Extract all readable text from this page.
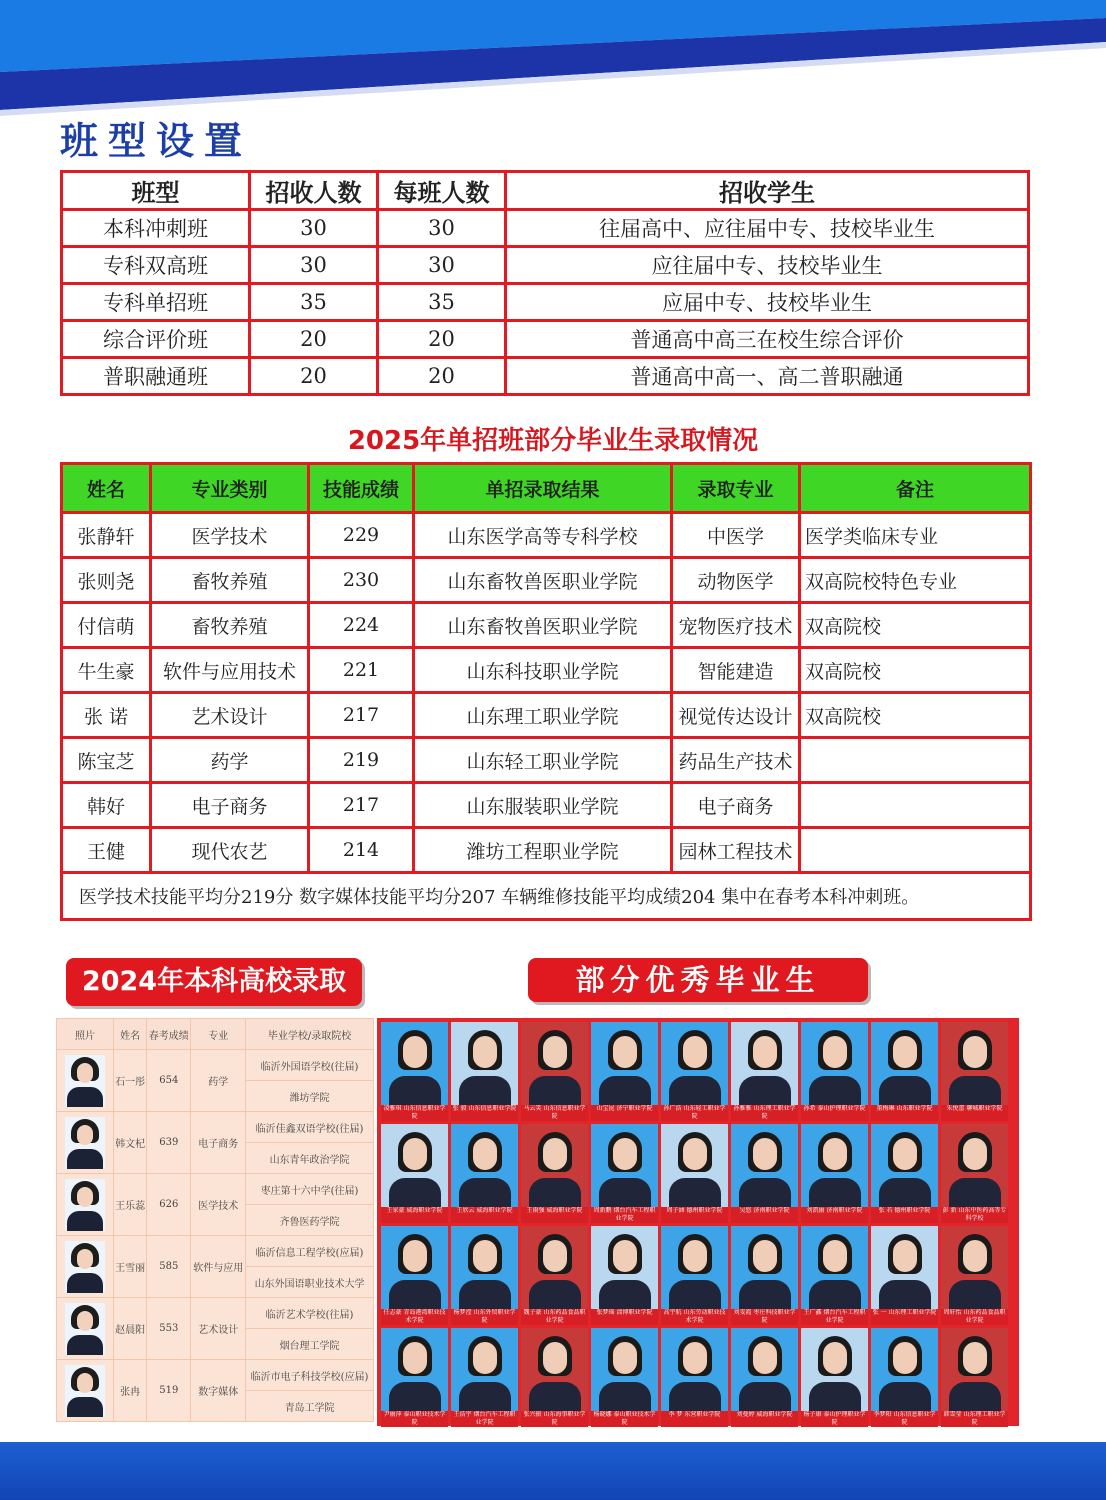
班型设置
班型	招收人数	每班人数	招收学生
本科冲刺班	30	30	往届高中、应往届中专、技校毕业生
专科双高班	30	30	应往届中专、技校毕业生
专科单招班	35	35	应届中专、技校毕业生
综合评价班	20	20	普通高中高三在校生综合评价
普职融通班	20	20	普通高中高一、高二普职融通
2025年单招班部分毕业生录取情况
姓名	专业类别	技能成绩	单招录取结果	录取专业	备注
张静轩	医学技术	229	山东医学高等专科学校	中医学	医学类临床专业
张则尧	畜牧养殖	230	山东畜牧兽医职业学院	动物医学	双高院校特色专业
付信萌	畜牧养殖	224	山东畜牧兽医职业学院	宠物医疗技术	双高院校
牛生豪	软件与应用技术	221	山东科技职业学院	智能建造	双高院校
张 诺	艺术设计	217	山东理工职业学院	视觉传达设计	双高院校
陈宝芝	药学	219	山东轻工职业学院	药品生产技术	
韩好	电子商务	217	山东服装职业学院	电子商务	
王健	现代农艺	214	潍坊工程职业学院	园林工程技术	
医学技术技能平均分219分 数字媒体技能平均分207 车辆维修技能平均成绩204 集中在春考本科冲刺班。					
2024年本科高校录取	部分优秀毕业生
照片	姓名	春考成绩	专业	毕业学校/录取院校

	石一彤	654	药学	临沂外国语学校(往届)
				潍坊学院

	韩文杞	639	电子商务	临沂佳鑫双语学校(往届)
				山东青年政治学院

	王乐蕊	626	医学技术	枣庄第十六中学(往届)
				齐鲁医药学院

	王雪丽	585	软件与应用	临沂信息工程学校(应届)
				山东外国语职业技术大学

	赵晨阳	553	艺术设计	临沂艺术学校(往届)
				烟台理工学院

	张冉	519	数字媒体	临沂市电子科技学校(应届)
				青岛工学院
凌雅琪 山东信息职业学院
张 毅 山东信息职业学院	马云笑 山东信息职业学院
山宝昆 济宁职业学院	孙广浩 山东轻工职业学院
孙雅雅 山东理工职业学院
孙希 泰山护理职业学院	董梅琳 山东职业学院	朱悦蕾 聊城职业学院
王家豪 威海职业学院	王欣云 威海职业学院	王雨强 威海职业学院	周新鹏 烟台汽车工程职业学院
周子涵 德州职业学院	吴悠 济南职业学院	刘凯丽 济南职业学院	张 若 德州职业学院	彭 新 山东中医药高等专科学校
任志豪 青岛港湾职业技术学院
杨梦滢 山东外贸职业学院
魏子豪 山东药品食品职业学院
张梦瑶 淄博职业学院	高宇航 山东劳动职业技术学院
刘雯霞 枣庄科技职业学院
王广鑫 烟台汽车工程职业学院
张 一 山东理工职业学院	周轩怡 山东药品食品职业学院
尹丽萍 泰山职业技术学院
王浩宇 烟台汽车工程职业学院
张兴振 山东海事职业学院
杨晓娜 泰山职业技术学院
李 梦 东营职业学院	刘曼婷 威海职业学院	杨子康 泰山护理职业学院
李梦阳 山东信息职业学院
韩雪莹 山东理工职业学院
